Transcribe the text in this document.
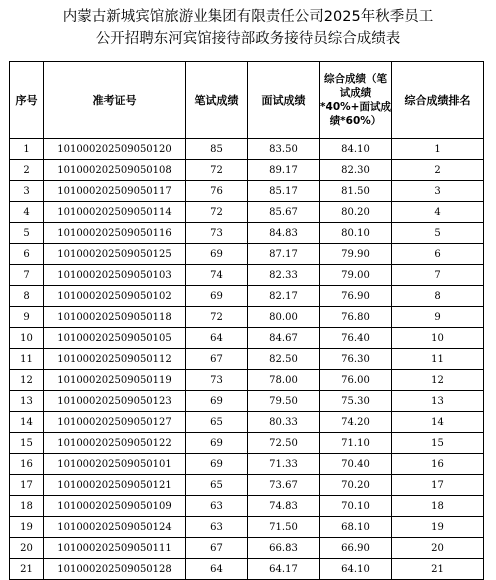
内蒙古新城宾馆旅游业集团有限责任公司2025年秋季员工
公开招聘东河宾馆接待部政务接待员综合成绩表
序号	准考证号	笔试成绩	面试成绩	综合成绩（笔试成绩*40%+面试成绩*60%）	综合成绩排名
1	101000202509050120	85	83.50	84.10	1
2	101000202509050108	72	89.17	82.30	2
3	101000202509050117	76	85.17	81.50	3
4	101000202509050114	72	85.67	80.20	4
5	101000202509050116	73	84.83	80.10	5
6	101000202509050125	69	87.17	79.90	6
7	101000202509050103	74	82.33	79.00	7
8	101000202509050102	69	82.17	76.90	8
9	101000202509050118	72	80.00	76.80	9
10	101000202509050105	64	84.67	76.40	10
11	101000202509050112	67	82.50	76.30	11
12	101000202509050119	73	78.00	76.00	12
13	101000202509050123	69	79.50	75.30	13
14	101000202509050127	65	80.33	74.20	14
15	101000202509050122	69	72.50	71.10	15
16	101000202509050101	69	71.33	70.40	16
17	101000202509050121	65	73.67	70.20	17
18	101000202509050109	63	74.83	70.10	18
19	101000202509050124	63	71.50	68.10	19
20	101000202509050111	67	66.83	66.90	20
21	101000202509050128	64	64.17	64.10	21
